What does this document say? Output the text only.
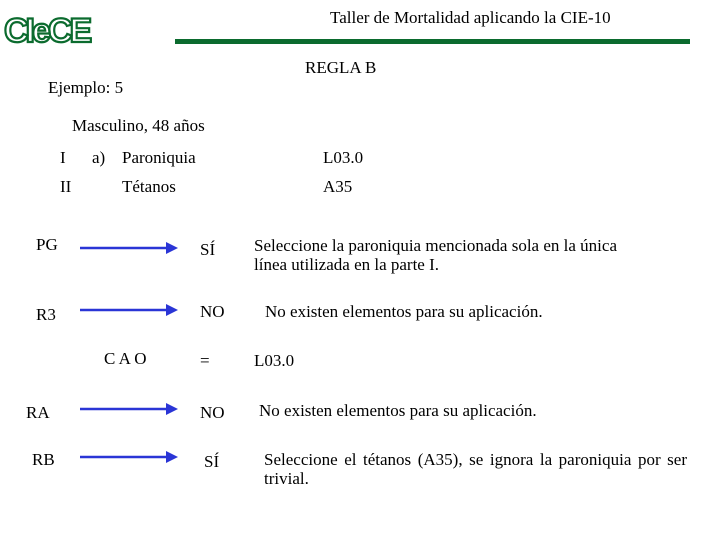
CIeCE	Taller de Mortalidad aplicando la CIE-10
REGLA B
Ejemplo: 5
Masculino, 48 años
I a) Paroniquia	L03.0
II	Tétanos	A35
PG	SÍ Seleccione la paroniquia mencionada sola en la única línea utilizada en la parte I.
R3	NO No existen elementos para su aplicación.
C A O	=	L03.0
RA	NO No existen elementos para su aplicación.
RB	SÍ	Seleccione el tétanos (A35), se ignora la paroniquia por ser trivial.
